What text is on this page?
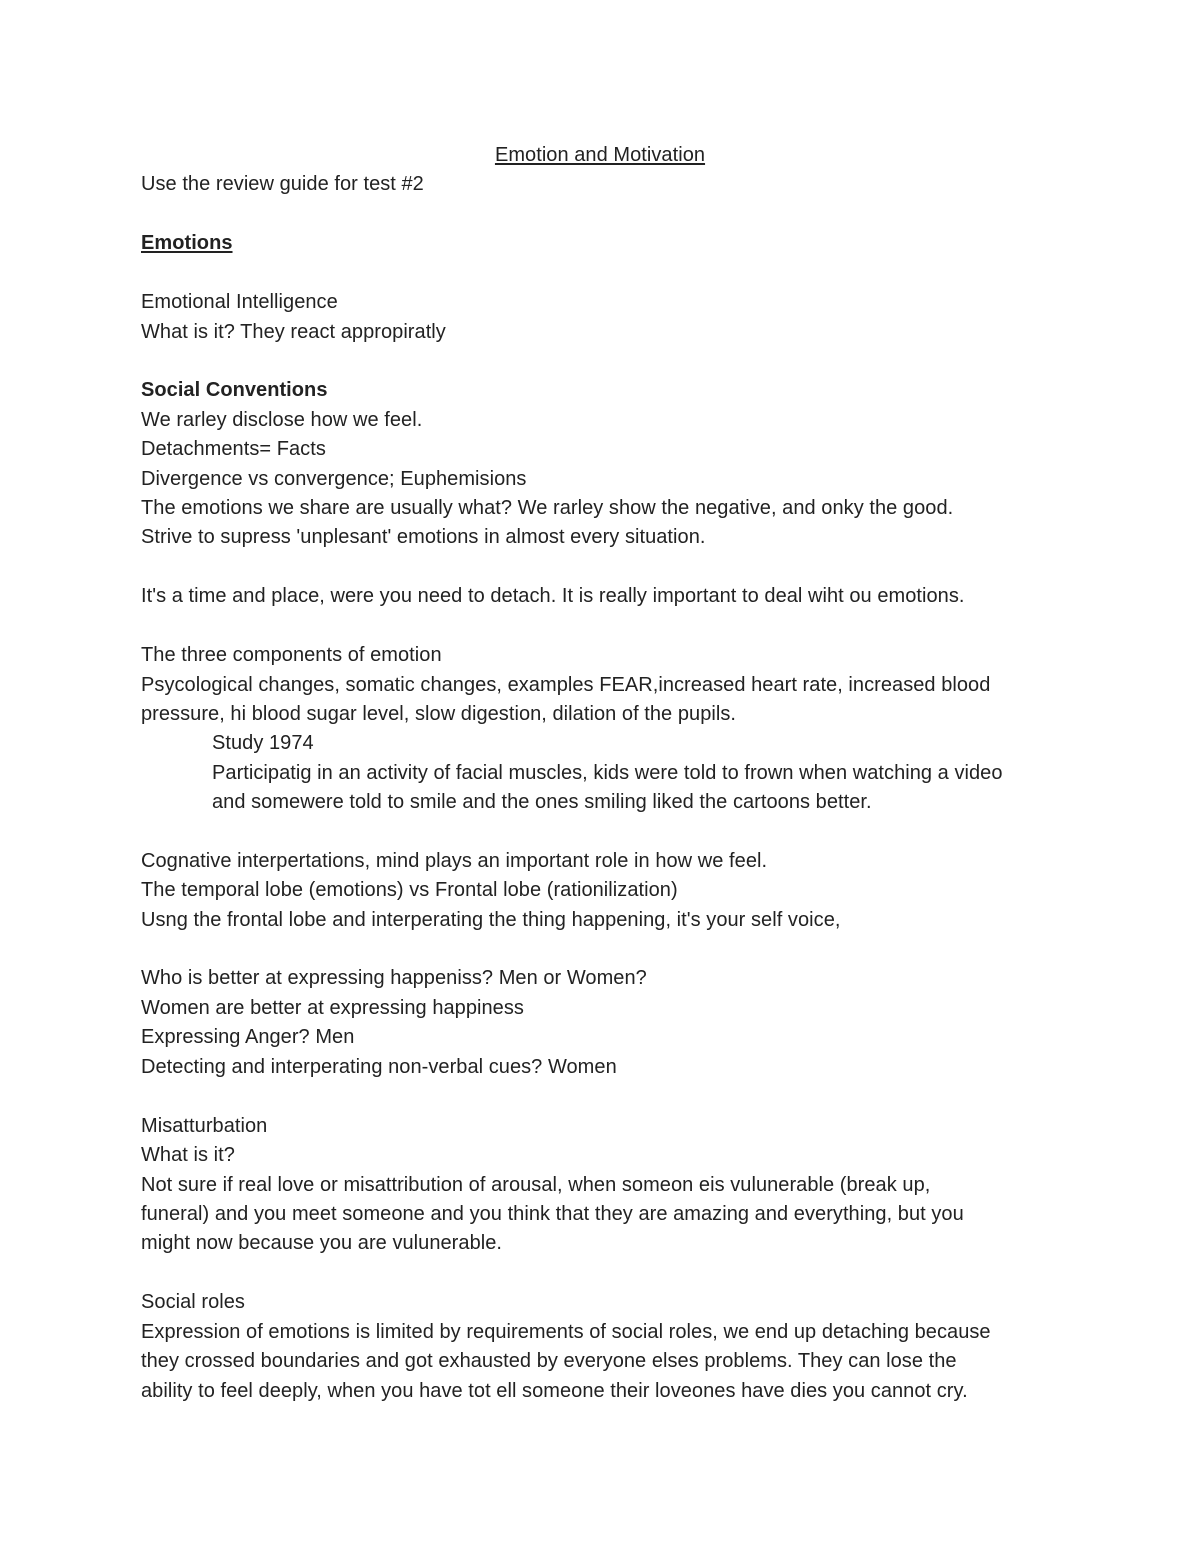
Emotion and Motivation
Use the review guide for test #2
Emotions
Emotional Intelligence
What is it? They react appropiratly
Social Conventions
We rarley disclose how we feel.
Detachments= Facts
Divergence vs convergence; Euphemisions
The emotions we share are usually what? We rarley show the negative, and onky the good.
Strive to supress 'unplesant' emotions in almost every situation.
It's a time and place, were you need to detach. It is really important to deal wiht ou emotions.
The three components of emotion
Psycological changes, somatic changes, examples FEAR,increased heart rate, increased blood
pressure, hi blood sugar level, slow digestion, dilation of the pupils.
Study 1974
Participatig in an activity of facial muscles, kids were told to frown when watching a video
and somewere told to smile and the ones smiling liked the cartoons better.
Cognative interpertations, mind plays an important role in how we feel.
The temporal lobe (emotions) vs Frontal lobe (rationilization)
Usng the frontal lobe and interperating the thing happening, it's your self voice,
Who is better at expressing happeniss? Men or Women?
Women are better at expressing happiness
Expressing Anger? Men
Detecting and interperating non-verbal cues? Women
Misatturbation
What is it?
Not sure if real love or misattribution of arousal, when someon eis vulunerable (break up,
funeral) and you meet someone and you think that they are amazing and everything, but you
might now because you are vulunerable.
Social roles
Expression of emotions is limited by requirements of social roles, we end up detaching because
they crossed boundaries and got exhausted by everyone elses problems. They can lose the
ability to feel deeply, when you have tot ell someone their loveones have dies you cannot cry.
